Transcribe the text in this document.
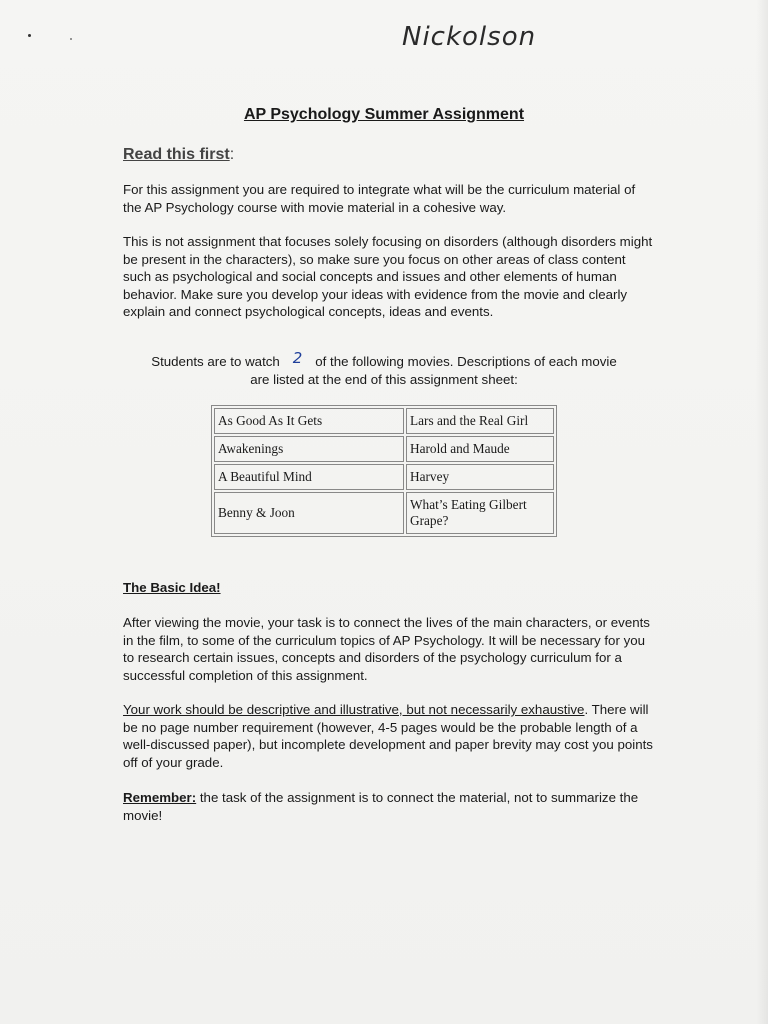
Nickolson
AP Psychology Summer Assignment
Read this first:
For this assignment you are required to integrate what will be the curriculum material of the AP Psychology course with movie material in a cohesive way.
This is not assignment that focuses solely focusing on disorders (although disorders might be present in the characters), so make sure you focus on other areas of class content such as psychological and social concepts and issues and other elements of human behavior. Make sure you develop your ideas with evidence from the movie and clearly explain and connect psychological concepts, ideas and events.
Students are to watch 2 of the following movies. Descriptions of each movie
are listed at the end of this assignment sheet:
As Good As It Gets	Lars and the Real Girl
Awakenings	Harold and Maude
A Beautiful Mind	Harvey
Benny & Joon	What’s Eating Gilbert Grape?
The Basic Idea!
After viewing the movie, your task is to connect the lives of the main characters, or events in the film, to some of the curriculum topics of AP Psychology. It will be necessary for you to research certain issues, concepts and disorders of the psychology curriculum for a successful completion of this assignment.
Your work should be descriptive and illustrative, but not necessarily exhaustive. There will be no page number requirement (however, 4-5 pages would be the probable length of a well-discussed paper), but incomplete development and paper brevity may cost you points off of your grade.
Remember: the task of the assignment is to connect the material, not to summarize the movie!
